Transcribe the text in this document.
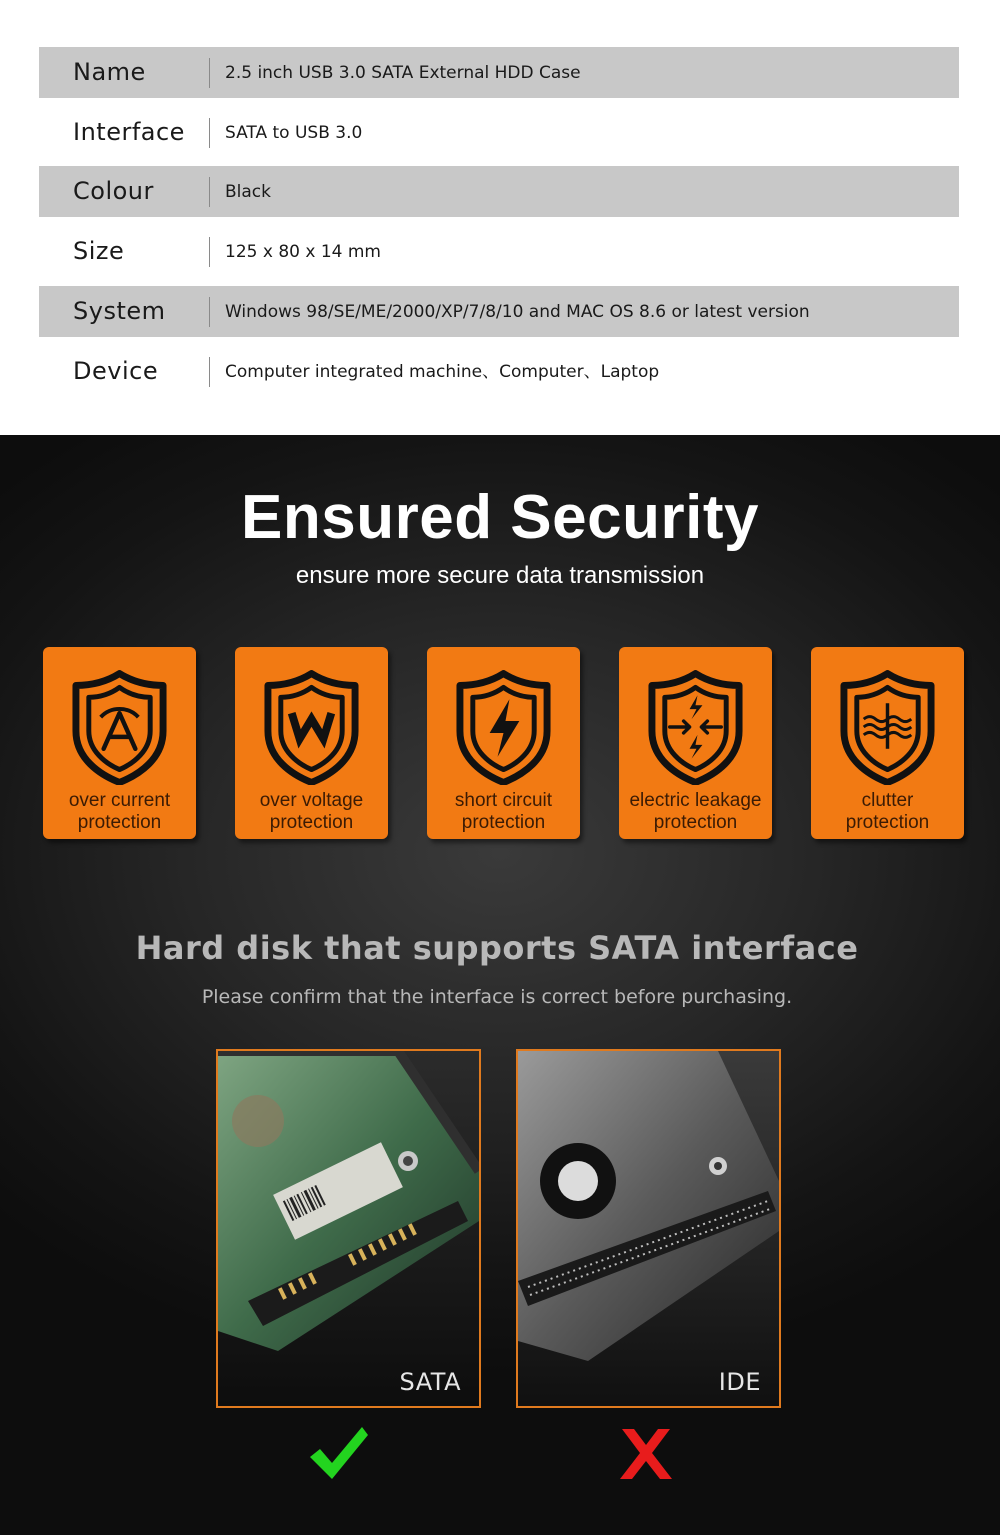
Name	2.5 inch USB 3.0 SATA External HDD Case
Interface SATA to USB 3.0
Colour	Black
Size	125 x 80 x 14 mm
System	Windows 98/SE/ME/2000/XP/7/8/10 and MAC OS 8.6 or latest version
Device	Computer integrated machine、Computer、Laptop
Ensured Security
ensure more secure data transmission
over current
protection
over voltage
protection
short circuit
protection
electric leakage
protection
clutter
protection
Hard disk that supports SATA interface
Please confirm that the interface is correct before purchasing.
SATA	IDE
